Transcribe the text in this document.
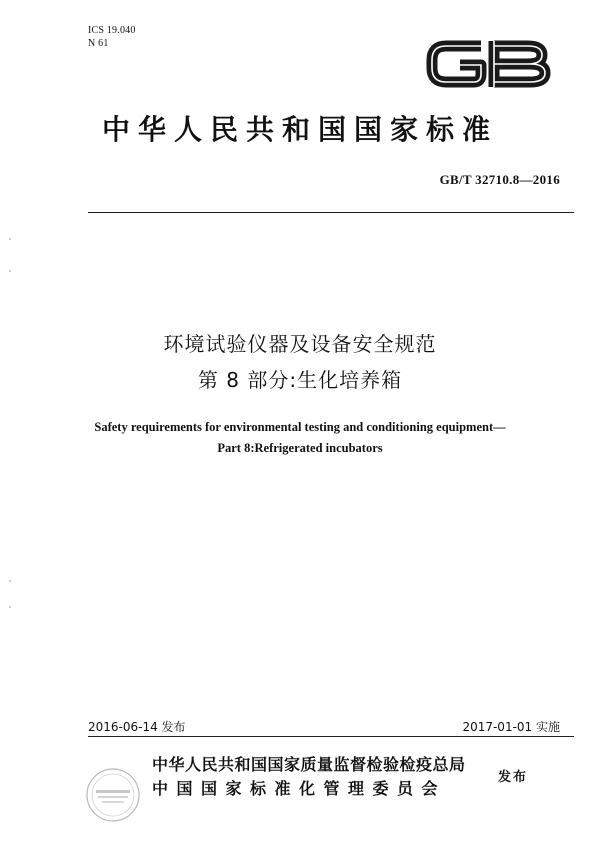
ICS 19.040
N 61
中华人民共和国国家标准
GB/T 32710.8—2016
环境试验仪器及设备安全规范
第 8 部分:生化培养箱
Safety requirements for environmental testing and conditioning equipment—
Part 8:Refrigerated incubators
2016-06-14 发布	2017-01-01 实施
中华人民共和国国家质量监督检验检疫总局
中国国家标准化管理委员会
发布
